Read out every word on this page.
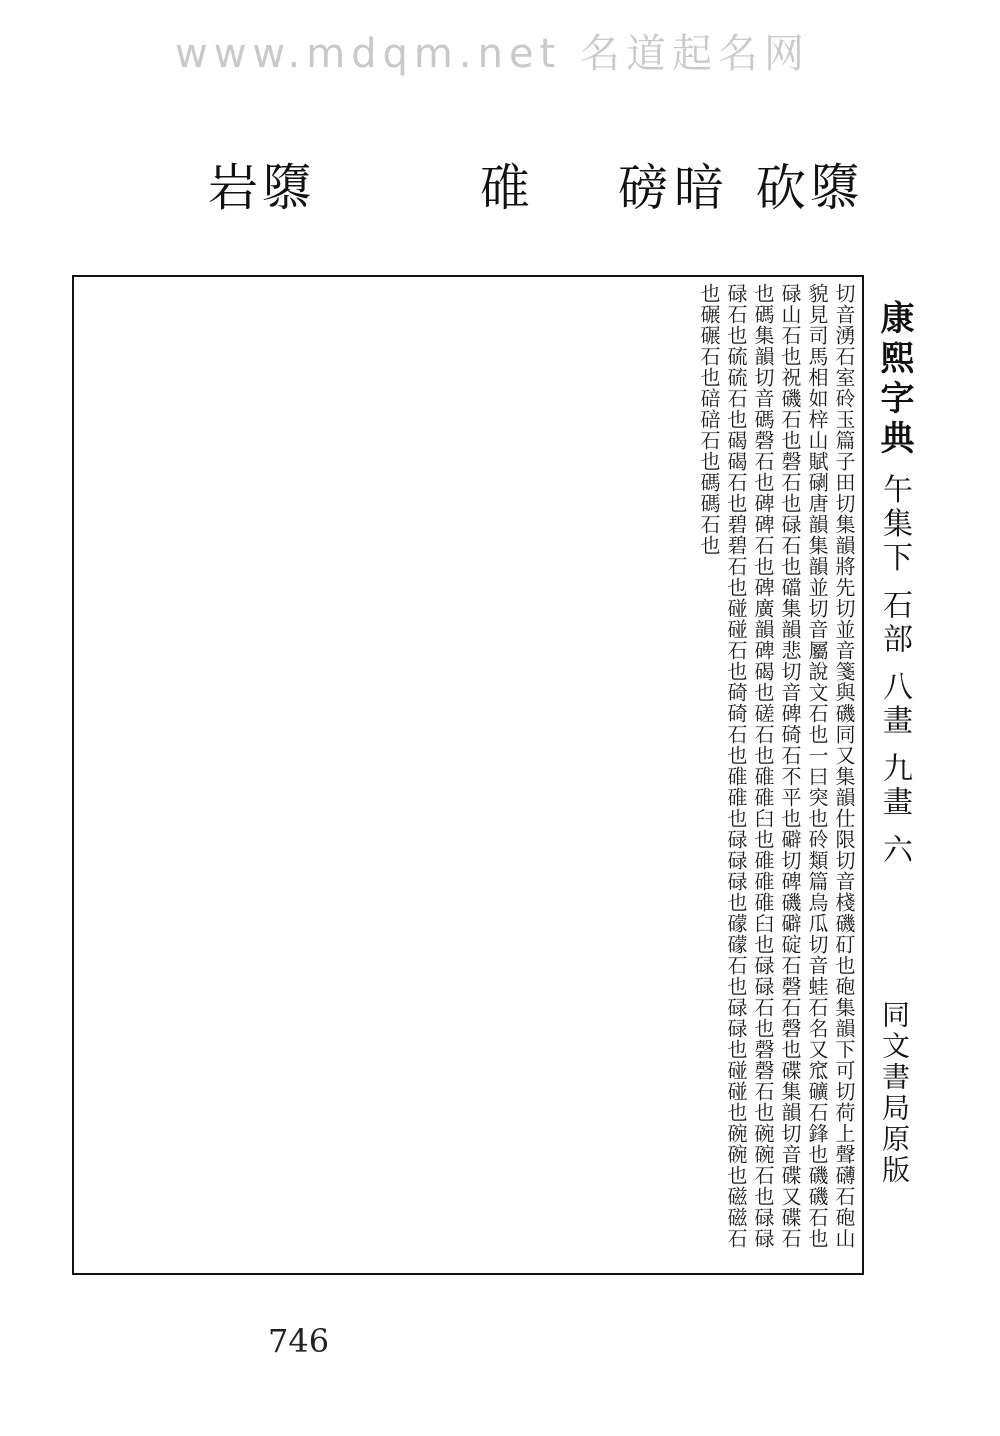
www.mdqm.net 名道起名网
岩 隳	碓 磅 暗 砍 隳

切音湧石室砱玉篇子田切集韻將先切並音箋與磯同又集韻仕限切音棧磯矴也砲集韻下可切荷上聲礴石砲山貌見司馬相如梓山賦䃗唐韻集韻並切音屬說文石也一曰突也砱類篇烏瓜切音蛙石名又窊礦石鋒也磯磯石也碌山石也祝磯石也磬石也碌石也礑集韻悲切音碑碕石不平也礔切碑磯礔碇石磬石磬也碟集韻切音碟又碟石也碼集韻切音碼磬石也碑碑石也碑廣韻碑碣也磋石也碓碓臼也碓碓碓臼也碌碌石也磬磬石也碗碗石也碌碌碌石也硫硫石也碣碣石也碧碧石也碰碰石也碕碕石也碓碓也碌碌碌也礞礞石也碌碌也碰碰也碗碗也磁磁石也碾碾石也碚碚石也碼碼石也	康熙字典 午集下 石部 八畫 九畫 六
同文書局原版
746
